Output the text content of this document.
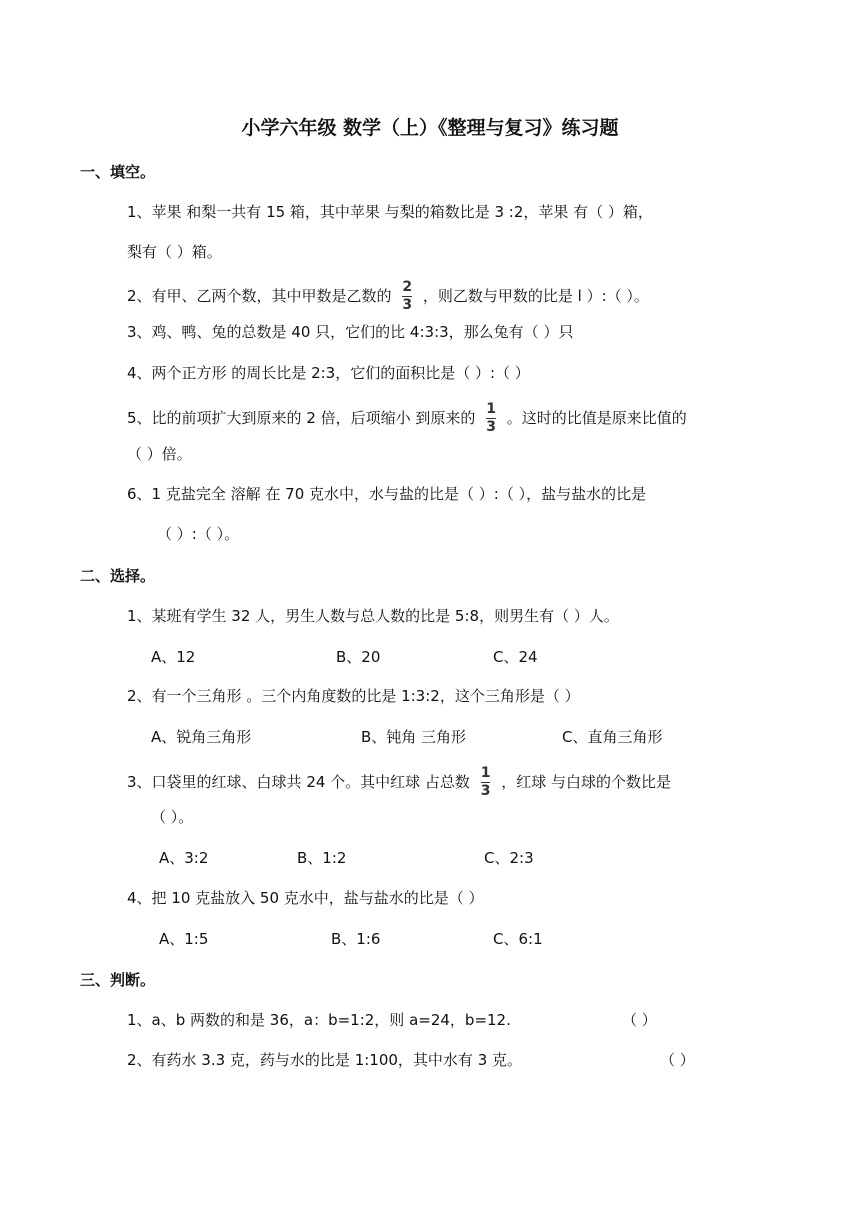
小学六年级 数学（上）《整理与复习》练习题
一、填空。
1、苹果 和梨一共有 15 箱，其中苹果 与梨的箱数比是 3 :2，苹果 有（ ）箱，
梨有（ ）箱。
2、有甲、乙两个数，其中甲数是乙数的 $\frac{2}{3}$ ，则乙数与甲数的比是 l ）:（ ）。
3、鸡、鸭、兔的总数是 40 只，它们的比 4:3:3，那么兔有（ ）只
4、两个正方形 的周长比是 2:3，它们的面积比是（ ）:（ ）
5、比的前项扩大到原来的 2 倍，后项缩小 到原来的 $\frac{1}{3}$ 。这时的比值是原来比值的
（ ）倍。
6、1 克盐完全 溶解 在 70 克水中，水与盐的比是（ ）:（ ），盐与盐水的比是
（ ）:（ ）。
二、选择。
1、某班有学生 32 人，男生人数与总人数的比是 5:8，则男生有（ ）人。
A、12	B、20	C、24
2、有一个三角形 。三个内角度数的比是 1:3:2，这个三角形是（ ）
A、锐角三角形	B、钝角 三角形	C、直角三角形
3、口袋里的红球、白球共 24 个。其中红球 占总数 $\frac{1}{3}$ ，红球 与白球的个数比是
（ ）。
A、3:2	B、1:2	C、2:3
4、把 10 克盐放入 50 克水中，盐与盐水的比是（ ）
A、1:5	B、1:6	C、6:1
三、判断。
1、a、b 两数的和是 36，a：b=1:2，则 a=24，b=12.	（ ）
2、有药水 3.3 克，药与水的比是 1:100，其中水有 3 克。	（ ）
